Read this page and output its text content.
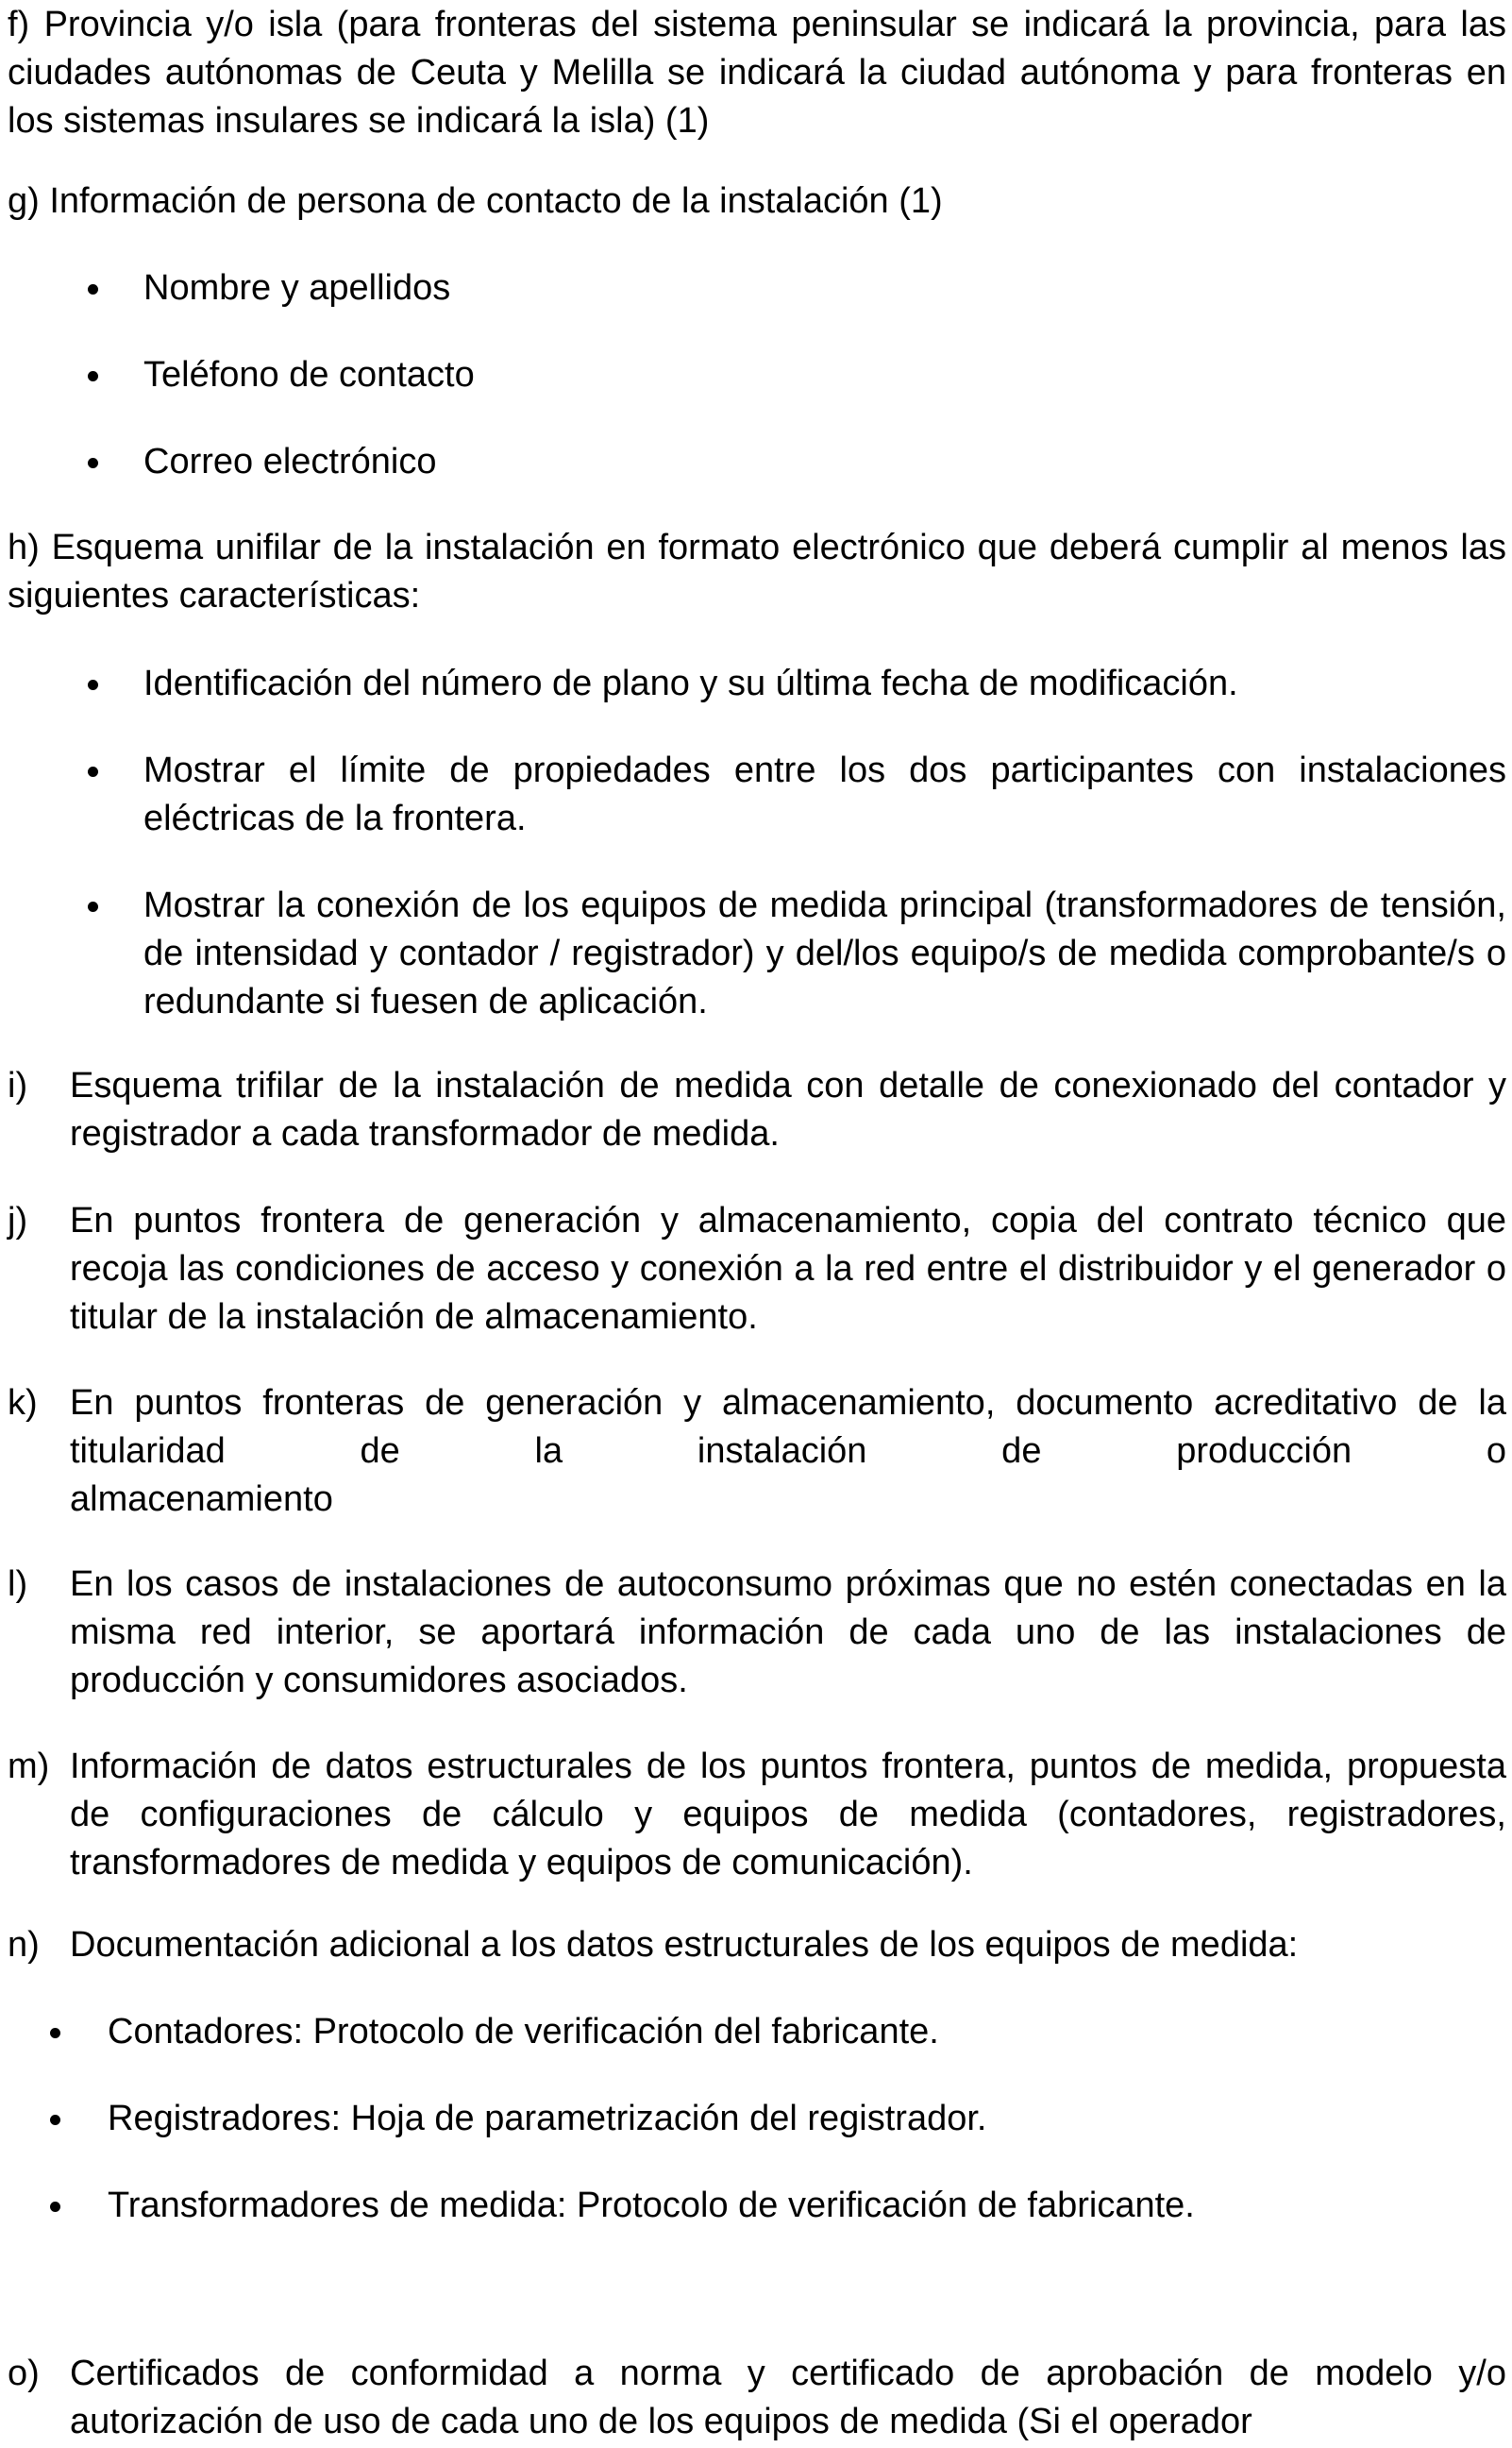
f) Provincia y/o isla (para fronteras del sistema peninsular se indicará la provincia, para las ciudades autónomas de Ceuta y Melilla se indicará la ciudad autónoma y para fronteras en los sistemas insulares se indicará la isla) (1)
g) Información de persona de contacto de la instalación (1)
Nombre y apellidos
Teléfono de contacto
Correo electrónico
h) Esquema unifilar de la instalación en formato electrónico que deberá cumplir al menos las siguientes características:
Identificación del número de plano y su última fecha de modificación.
Mostrar el límite de propiedades entre los dos participantes con instalaciones eléctricas de la frontera.
Mostrar la conexión de los equipos de medida principal (transformadores de tensión, de intensidad y contador / registrador) y del/los equipo/s de medida comprobante/s o redundante si fuesen de aplicación.
i) Esquema trifilar de la instalación de medida con detalle de conexionado del contador y registrador a cada transformador de medida.
j) En puntos frontera de generación y almacenamiento, copia del contrato técnico que recoja las condiciones de acceso y conexión a la red entre el distribuidor y el generador o titular de la instalación de almacenamiento.
k) En puntos fronteras de generación y almacenamiento, documento acreditativo de la titularidad de la instalación de producción o
almacenamiento
l) En los casos de instalaciones de autoconsumo próximas que no estén conectadas en la misma red interior, se aportará información de cada uno de las instalaciones de producción y consumidores asociados.
m) Información de datos estructurales de los puntos frontera, puntos de medida, propuesta de configuraciones de cálculo y equipos de medida (contadores, registradores, transformadores de medida y equipos de comunicación).
n) Documentación adicional a los datos estructurales de los equipos de medida:
Contadores: Protocolo de verificación del fabricante.
Registradores: Hoja de parametrización del registrador.
Transformadores de medida: Protocolo de verificación de fabricante.
o) Certificados de conformidad a norma y certificado de aprobación de modelo y/o autorización de uso de cada uno de los equipos de medida (Si el operador
